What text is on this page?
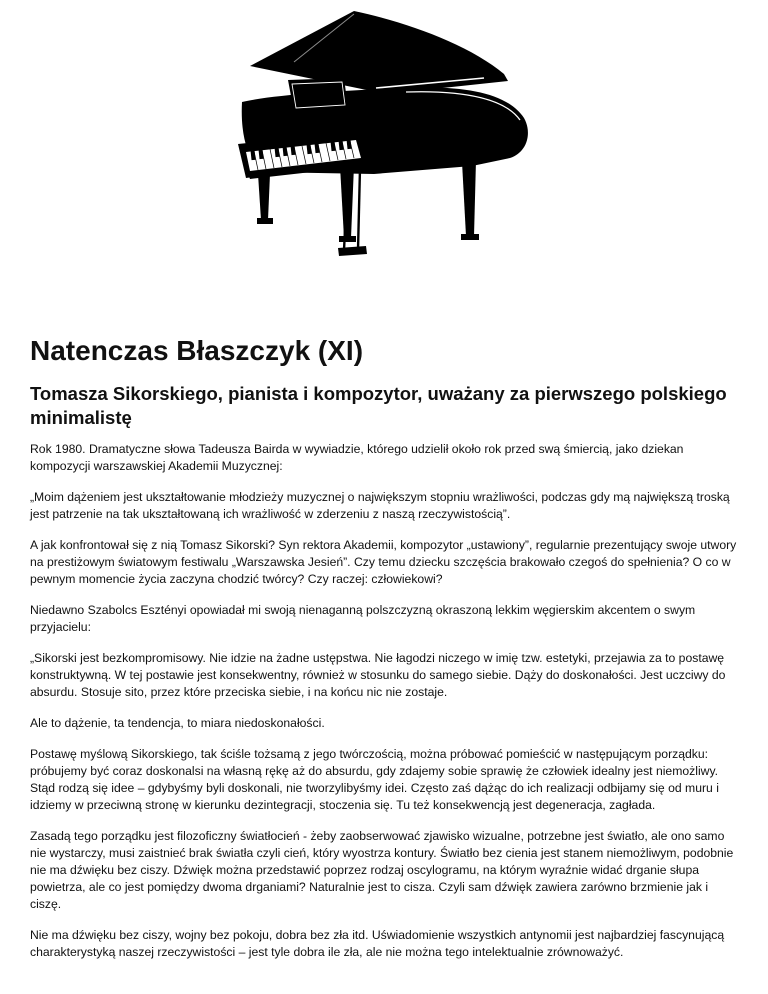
Natenczas Błaszczyk (XI)
Tomasza Sikorskiego, pianista i kompozytor, uważany za pierwszego polskiego minimalistę

Rok 1980. Dramatyczne słowa Tadeusza Bairda w wywiadzie, którego udzielił około rok przed swą śmiercią, jako dziekan kompozycji warszawskiej Akademii Muzycznej:

„Moim dążeniem jest ukształtowanie młodzieży muzycznej o największym stopniu wrażliwości, podczas gdy mą największą troską jest patrzenie na tak ukształtowaną ich wrażliwość w zderzeniu z naszą rzeczywistością”.

A jak konfrontował się z nią Tomasz Sikorski? Syn rektora Akademii, kompozytor „ustawiony”, regularnie prezentujący swoje utwory na prestiżowym światowym festiwalu „Warszawska Jesień”. Czy temu dziecku szczęścia brakowało czegoś do spełnienia? O co w pewnym momencie życia zaczyna chodzić twórcy? Czy raczej: człowiekowi?

Niedawno Szabolcs Esztényi opowiadał mi swoją nienaganną polszczyzną okraszoną lekkim węgierskim akcentem o swym przyjacielu:

„Sikorski jest bezkompromisowy. Nie idzie na żadne ustępstwa. Nie łagodzi niczego w imię tzw. estetyki, przejawia za to postawę konstruktywną. W tej postawie jest konsekwentny, również w stosunku do samego siebie. Dąży do doskonałości. Jest uczciwy do absurdu. Stosuje sito, przez które przeciska siebie, i na końcu nic nie zostaje.

Ale to dążenie, ta tendencja, to miara niedoskonałości.

Postawę myślową Sikorskiego, tak ściśle tożsamą z jego twórczością, można próbować pomieścić w następującym porządku: próbujemy być coraz doskonalsi na własną rękę aż do absurdu, gdy zdajemy sobie sprawię że człowiek idealny jest niemożliwy. Stąd rodzą się idee – gdybyśmy byli doskonali, nie tworzylibyśmy idei. Często zaś dążąc do ich realizacji odbijamy się od muru i idziemy w przeciwną stronę w kierunku dezintegracji, stoczenia się. Tu też konsekwencją jest degeneracja, zagłada.

Zasadą tego porządku jest filozoficzny światłocień - żeby zaobserwować zjawisko wizualne, potrzebne jest światło, ale ono samo nie wystarczy, musi zaistnieć brak światła czyli cień, który wyostrza kontury. Światło bez cienia jest stanem niemożliwym, podobnie nie ma dźwięku bez ciszy. Dźwięk można przedstawić poprzez rodzaj oscylogramu, na którym wyraźnie widać drganie słupa powietrza, ale co jest pomiędzy dwoma drganiami? Naturalnie jest to cisza. Czyli sam dźwięk zawiera zarówno brzmienie jak i ciszę.

Nie ma dźwięku bez ciszy, wojny bez pokoju, dobra bez zła itd. Uświadomienie wszystkich antynomii jest najbardziej fascynującą charakterystyką naszej rzeczywistości – jest tyle dobra ile zła, ale nie można tego intelektualnie zrównoważyć.
